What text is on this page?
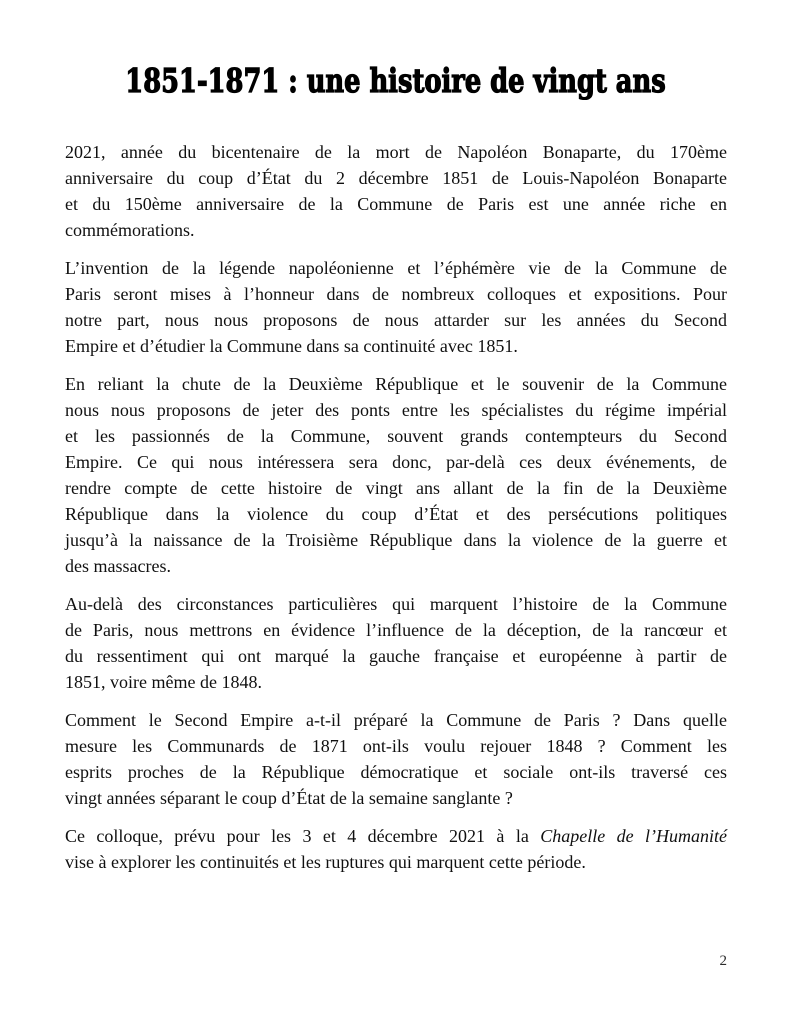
1851-1871 : une histoire de vingt ans
2021, année du bicentenaire de la mort de Napoléon Bonaparte, du 170ème
anniversaire du coup d’État du 2 décembre 1851 de Louis-Napoléon Bonaparte
et du 150ème anniversaire de la Commune de Paris est une année riche en
commémorations.
L’invention de la légende napoléonienne et l’éphémère vie de la Commune de
Paris seront mises à l’honneur dans de nombreux colloques et expositions. Pour
notre part, nous nous proposons de nous attarder sur les années du Second
Empire et d’étudier la Commune dans sa continuité avec 1851.
En reliant la chute de la Deuxième République et le souvenir de la Commune
nous nous proposons de jeter des ponts entre les spécialistes du régime impérial
et les passionnés de la Commune, souvent grands contempteurs du Second
Empire. Ce qui nous intéressera sera donc, par-delà ces deux événements, de
rendre compte de cette histoire de vingt ans allant de la fin de la Deuxième
République dans la violence du coup d’État et des persécutions politiques
jusqu’à la naissance de la Troisième République dans la violence de la guerre et
des massacres.
Au-delà des circonstances particulières qui marquent l’histoire de la Commune
de Paris, nous mettrons en évidence l’influence de la déception, de la rancœur et
du ressentiment qui ont marqué la gauche française et européenne à partir de
1851, voire même de 1848.
Comment le Second Empire a-t-il préparé la Commune de Paris ? Dans quelle
mesure les Communards de 1871 ont-ils voulu rejouer 1848 ? Comment les
esprits proches de la République démocratique et sociale ont-ils traversé ces
vingt années séparant le coup d’État de la semaine sanglante ?
Ce colloque, prévu pour les 3 et 4 décembre 2021 à la Chapelle de l’Humanité
vise à explorer les continuités et les ruptures qui marquent cette période.
2
